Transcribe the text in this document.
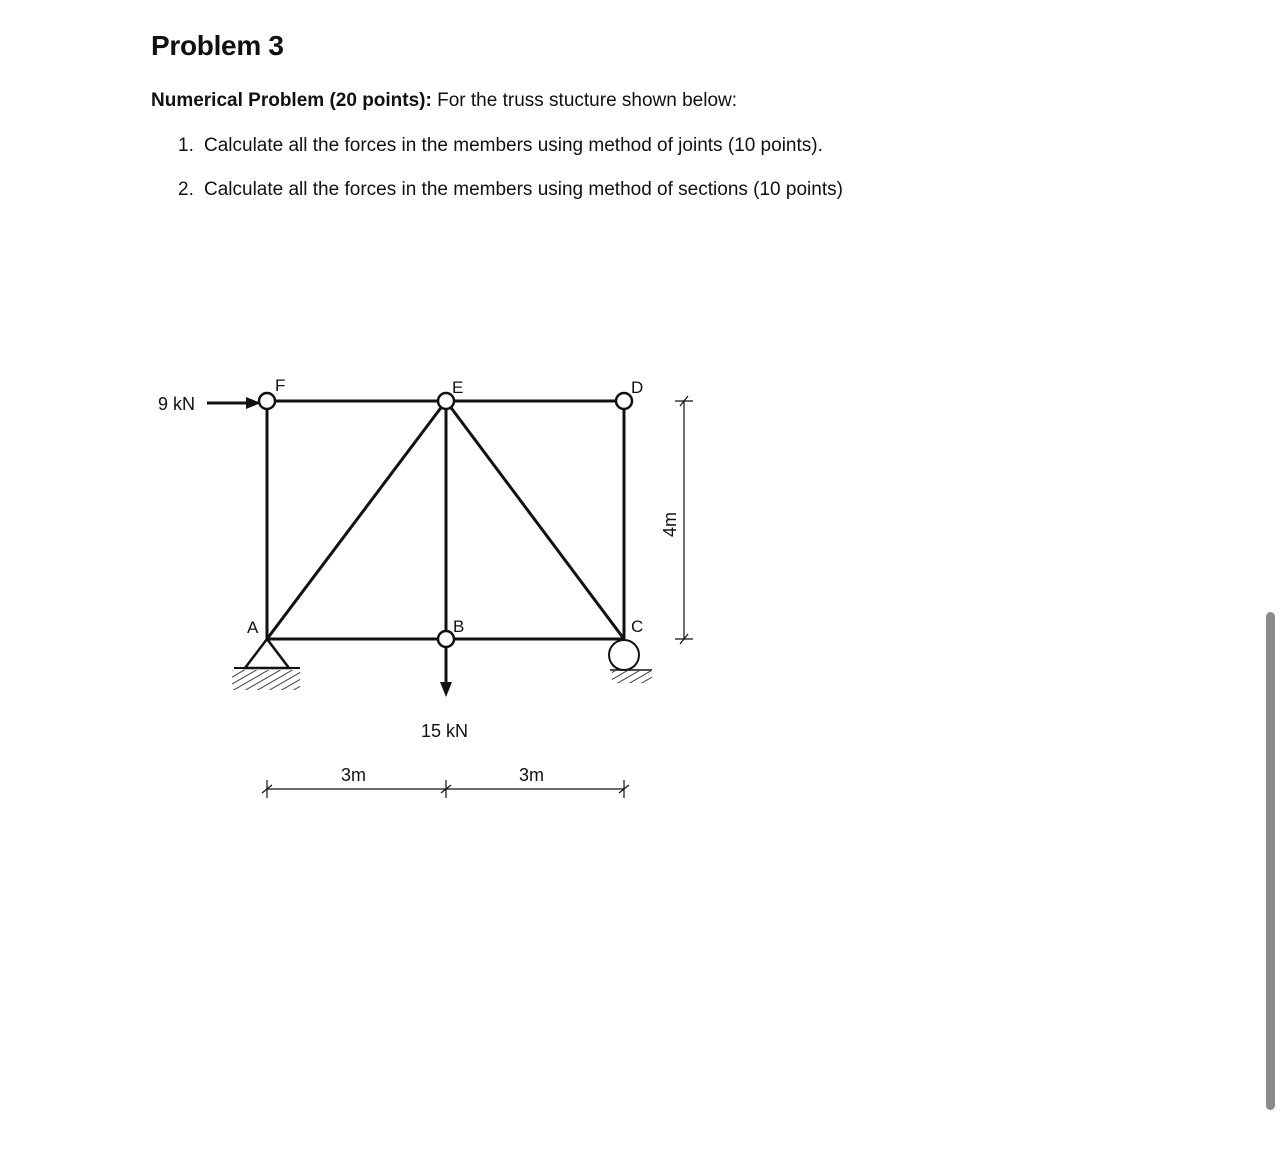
Problem 3
Numerical Problem (20 points): For the truss stucture shown below:
1. Calculate all the forces in the members using method of joints (10 points).
2. Calculate all the forces in the members using method of sections (10 points)
9 kN
15 kN
F	E	D
A	B	C
3m	3m
4m
